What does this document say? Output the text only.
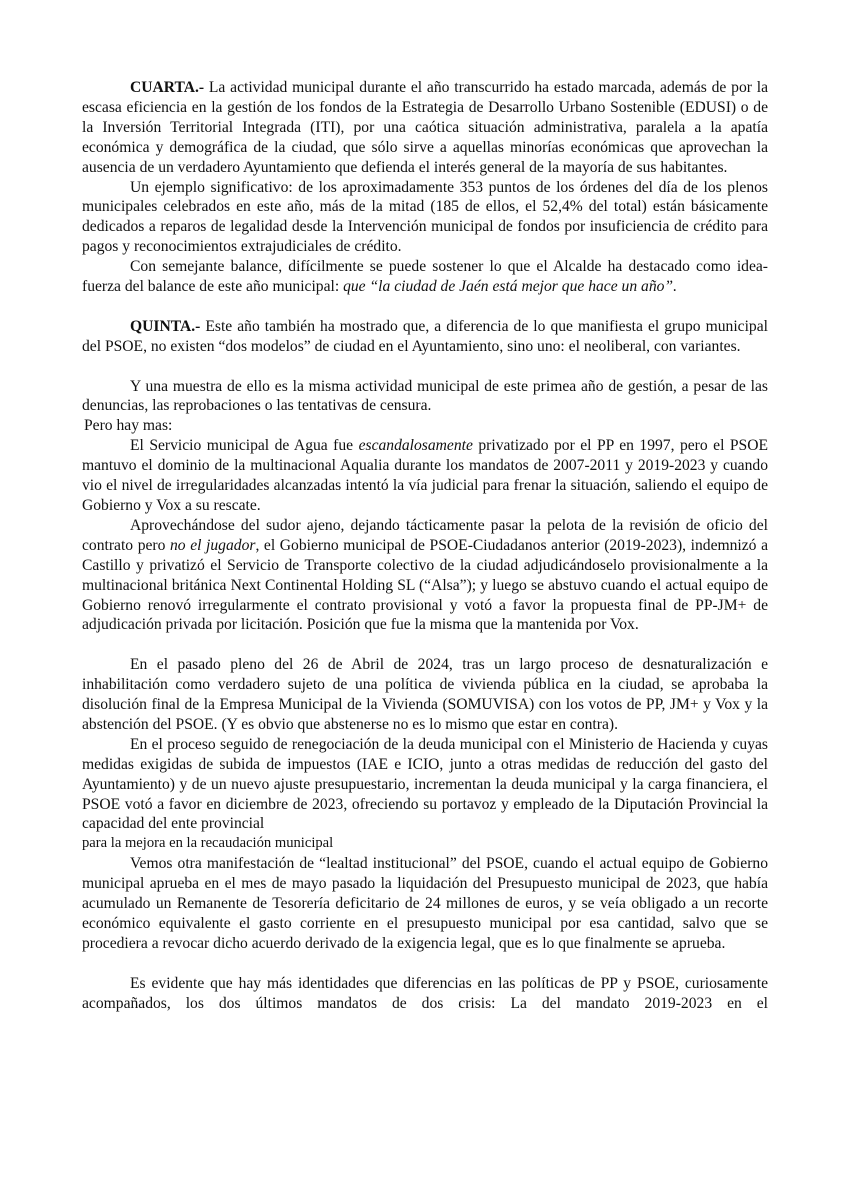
CUARTA.- La actividad municipal durante el año transcurrido ha estado marcada, además de por la escasa eficiencia en la gestión de los fondos de la Estrategia de Desarrollo Urbano Sostenible (EDUSI) o de la Inversión Territorial Integrada (ITI), por una caótica situación administrativa, paralela a la apatía económica y demográfica de la ciudad, que sólo sirve a aquellas minorías económicas que aprovechan la ausencia de un verdadero Ayuntamiento que defienda el interés general de la mayoría de sus habitantes.

Un ejemplo significativo: de los aproximadamente 353 puntos de los órdenes del día de los plenos municipales celebrados en este año, más de la mitad (185 de ellos, el 52,4% del total) están básicamente dedicados a reparos de legalidad desde la Intervención municipal de fondos por insuficiencia de crédito para pagos y reconocimientos extrajudiciales de crédito.

Con semejante balance, difícilmente se puede sostener lo que el Alcalde ha destacado como idea-fuerza del balance de este año municipal: que “la ciudad de Jaén está mejor que hace un año”.

QUINTA.- Este año también ha mostrado que, a diferencia de lo que manifiesta el grupo municipal del PSOE, no existen “dos modelos” de ciudad en el Ayuntamiento, sino uno: el neoliberal, con variantes.

Y una muestra de ello es la misma actividad municipal de este primea año de gestión, a pesar de las denuncias, las reprobaciones o las tentativas de censura.

Pero hay mas:

El Servicio municipal de Agua fue escandalosamente privatizado por el PP en 1997, pero el PSOE mantuvo el dominio de la multinacional Aqualia durante los mandatos de 2007-2011 y 2019-2023 y cuando vio el nivel de irregularidades alcanzadas intentó la vía judicial para frenar la situación, saliendo el equipo de Gobierno y Vox a su rescate.

Aprovechándose del sudor ajeno, dejando tácticamente pasar la pelota de la revisión de oficio del contrato pero no el jugador, el Gobierno municipal de PSOE-Ciudadanos anterior (2019-2023), indemnizó a Castillo y privatizó el Servicio de Transporte colectivo de la ciudad adjudicándoselo provisionalmente a la multinacional británica Next Continental Holding SL (“Alsa”); y luego se abstuvo cuando el actual equipo de Gobierno renovó irregularmente el contrato provisional y votó a favor la propuesta final de PP-JM+ de adjudicación privada por licitación. Posición que fue la misma que la mantenida por Vox.

En el pasado pleno del 26 de Abril de 2024, tras un largo proceso de desnaturalización e inhabilitación como verdadero sujeto de una política de vivienda pública en la ciudad, se aprobaba la disolución final de la Empresa Municipal de la Vivienda (SOMUVISA) con los votos de PP, JM+ y Vox y la abstención del PSOE. (Y es obvio que abstenerse no es lo mismo que estar en contra).

En el proceso seguido de renegociación de la deuda municipal con el Ministerio de Hacienda y cuyas medidas exigidas de subida de impuestos (IAE e ICIO, junto a otras medidas de reducción del gasto del Ayuntamiento) y de un nuevo ajuste presupuestario, incrementan la deuda municipal y la carga financiera, el PSOE votó a favor en diciembre de 2023, ofreciendo su portavoz y empleado de la Diputación Provincial la capacidad del ente provincial

para la mejora en la recaudación municipal

Vemos otra manifestación de “lealtad institucional” del PSOE, cuando el actual equipo de Gobierno municipal aprueba en el mes de mayo pasado la liquidación del Presupuesto municipal de 2023, que había acumulado un Remanente de Tesorería deficitario de 24 millones de euros, y se veía obligado a un recorte económico equivalente el gasto corriente en el presupuesto municipal por esa cantidad, salvo que se procediera a revocar dicho acuerdo derivado de la exigencia legal, que es lo que finalmente se aprueba.

Es evidente que hay más identidades que diferencias en las políticas de PP y PSOE, curiosamente acompañados, los dos últimos mandatos de dos crisis: La del mandato 2019-2023 en el
